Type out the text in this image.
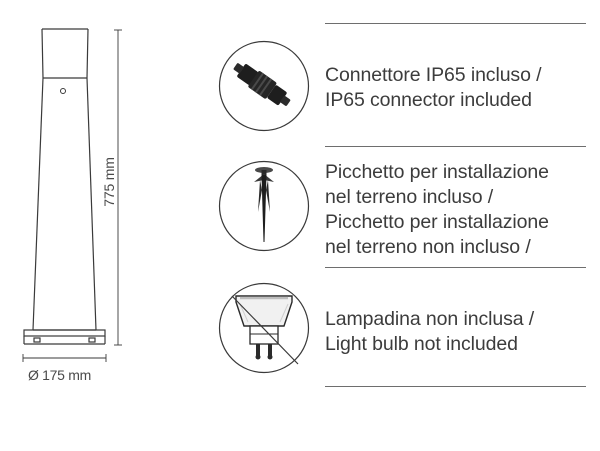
775 mm
Ø 175 mm
Connettore IP65 incluso /
IP65 connector included
Picchetto per installazione
nel terreno incluso /
Picchetto per installazione
nel terreno non incluso /
Lampadina non inclusa /
Light bulb not included
